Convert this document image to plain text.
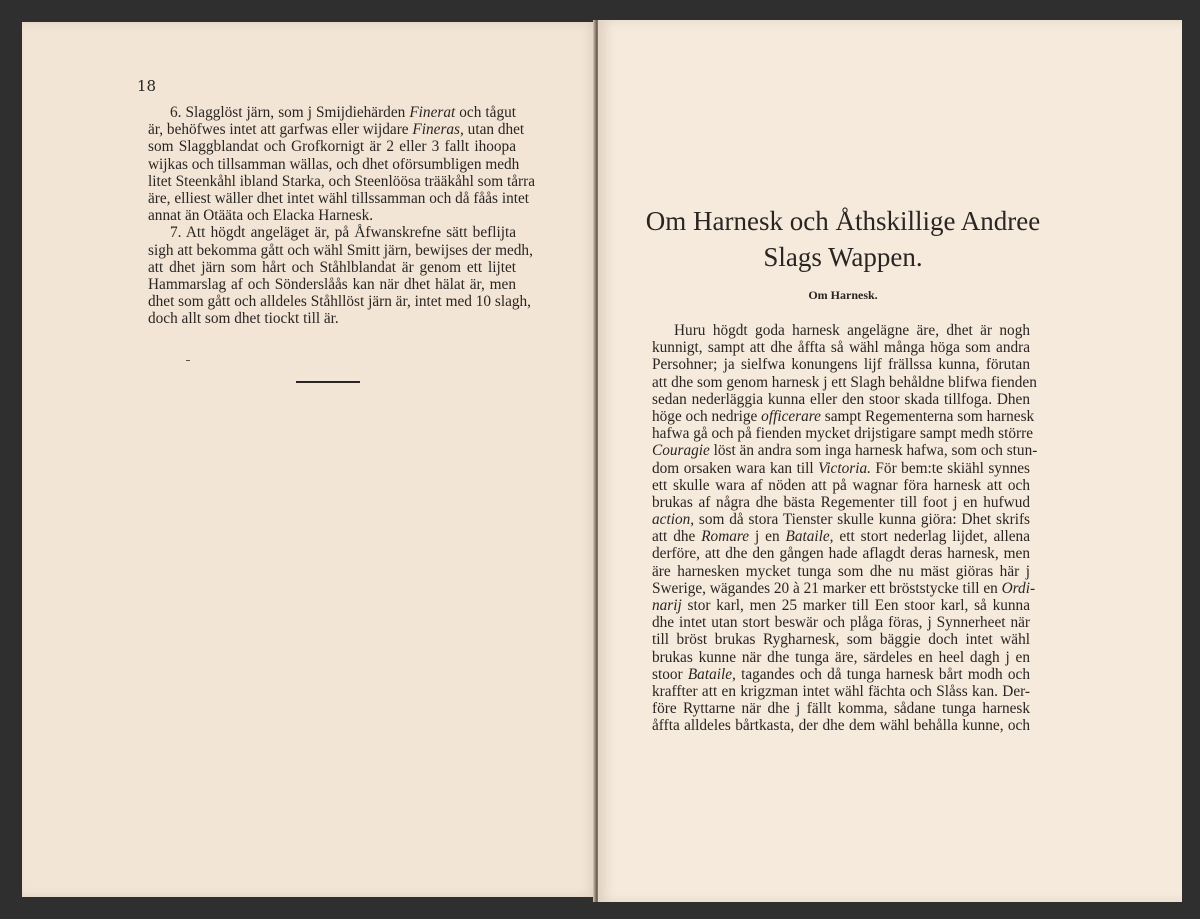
18
6. Slagglöst järn, som j Smijdiehärden Finerat och tågut
är, behöfwes intet att garfwas eller wijdare Fineras, utan dhet
som Slaggblandat och Grofkornigt är 2 eller 3 fallt ihoopa
wijkas och tillsamman wällas, och dhet oförsumbligen medh
litet Steenkåhl ibland Starka, och Steenlöösa trääkåhl som tårra
äre, elliest wäller dhet intet wähl tillssamman och då fåås intet
annat än Otääta och Elacka Harnesk.
7. Att högdt angeläget är, på Åfwanskrefne sätt beflijta
sigh att bekomma gått och wähl Smitt järn, bewijses der medh,
att dhet järn som hårt och Ståhlblandat är genom ett lijtet
Hammarslag af och Sönderslåås kan när dhet hälat är, men
dhet som gått och alldeles Ståhllöst järn är, intet med 10 slagh,
doch allt som dhet tiockt till är.
Om Harnesk och Åthskillige Andree
Slags Wappen.
Om Harnesk.
Huru högdt goda harnesk angelägne äre, dhet är nogh
kunnigt, sampt att dhe åffta så wähl många höga som andra
Persohner; ja sielfwa konungens lijf frällssa kunna, förutan
att dhe som genom harnesk j ett Slagh behåldne blifwa fienden
sedan nederläggia kunna eller den stoor skada tillfoga. Dhen
höge och nedrige officerare sampt Regementerna som harnesk
hafwa gå och på fienden mycket drijstigare sampt medh större
Couragie löst än andra som inga harnesk hafwa, som och stun-
dom orsaken wara kan till Victoria. För bem:te skiähl synnes
ett skulle wara af nöden att på wagnar föra harnesk att och
brukas af några dhe bästa Regementer till foot j en hufwud
action, som då stora Tienster skulle kunna giöra: Dhet skrifs
att dhe Romare j en Bataile, ett stort nederlag lijdet, allena
derföre, att dhe den gången hade aflagdt deras harnesk, men
äre harnesken mycket tunga som dhe nu mäst giöras här j
Swerige, wägandes 20 à 21 marker ett bröststycke till en Ordi-
narij stor karl, men 25 marker till Een stoor karl, så kunna
dhe intet utan stort beswär och plåga föras, j Synnerheet när
till bröst brukas Rygharnesk, som bäggie doch intet wähl
brukas kunne när dhe tunga äre, särdeles en heel dagh j en
stoor Bataile, tagandes och då tunga harnesk bårt modh och
kraffter att en krigzman intet wähl fächta och Slåss kan. Der-
före Ryttarne när dhe j fällt komma, sådane tunga harnesk
åffta alldeles bårtkasta, der dhe dem wähl behålla kunne, och
